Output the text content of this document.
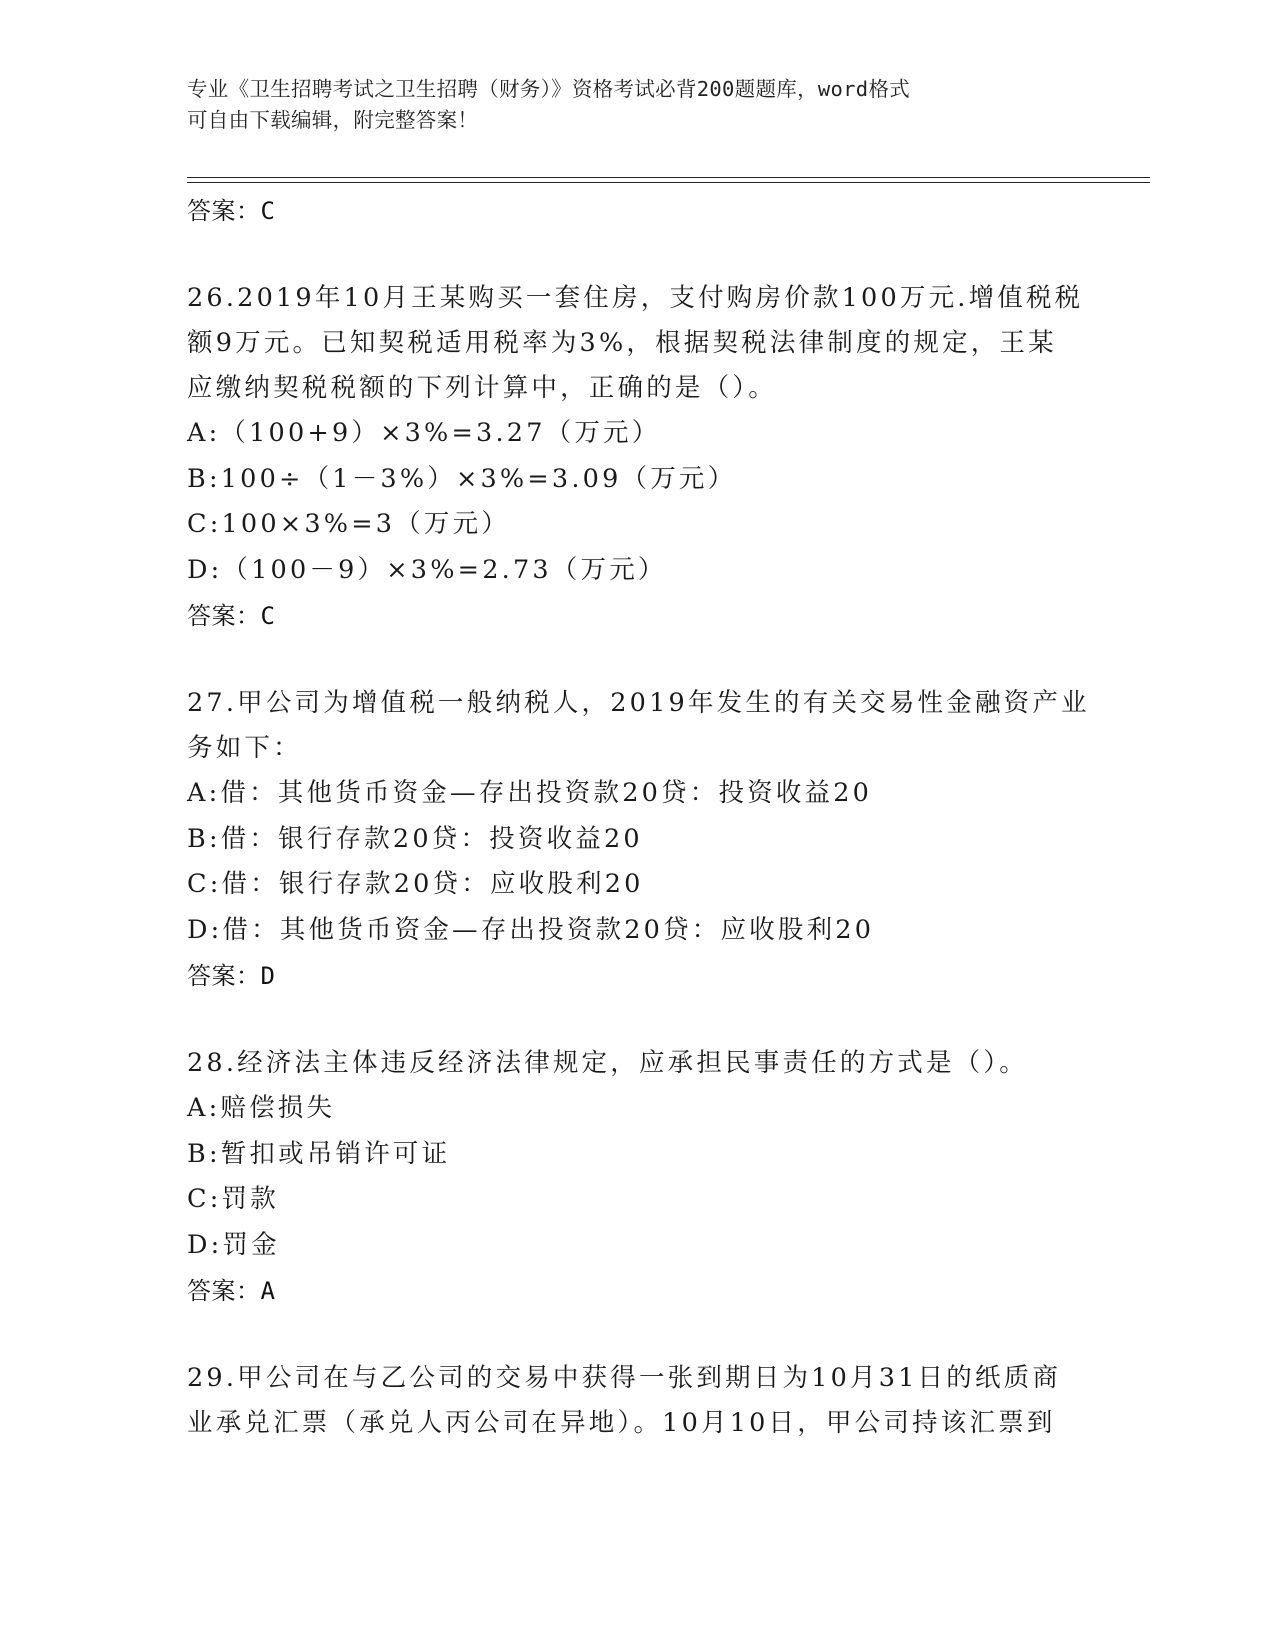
专业《卫生招聘考试之卫生招聘（财务）》资格考试必背200题题库，word格式
可自由下载编辑，附完整答案！
答案：C
26.2019年10月王某购买一套住房，支付购房价款100万元.增值税税
额9万元。已知契税适用税率为3%，根据契税法律制度的规定，王某
应缴纳契税税额的下列计算中，正确的是（）。
A:（100+9）×3%=3.27（万元）
B:100÷（1－3%）×3%=3.09（万元）
C:100×3%=3（万元）
D:（100－9）×3%=2.73（万元）
答案：C
27.甲公司为增值税一般纳税人，2019年发生的有关交易性金融资产业
务如下：
A:借：其他货币资金—存出投资款20贷：投资收益20
B:借：银行存款20贷：投资收益20
C:借：银行存款20贷：应收股利20
D:借：其他货币资金—存出投资款20贷：应收股利20
答案：D
28.经济法主体违反经济法律规定，应承担民事责任的方式是（）。
A:赔偿损失
B:暂扣或吊销许可证
C:罚款
D:罚金
答案：A
29.甲公司在与乙公司的交易中获得一张到期日为10月31日的纸质商
业承兑汇票（承兑人丙公司在异地）。10月10日，甲公司持该汇票到
